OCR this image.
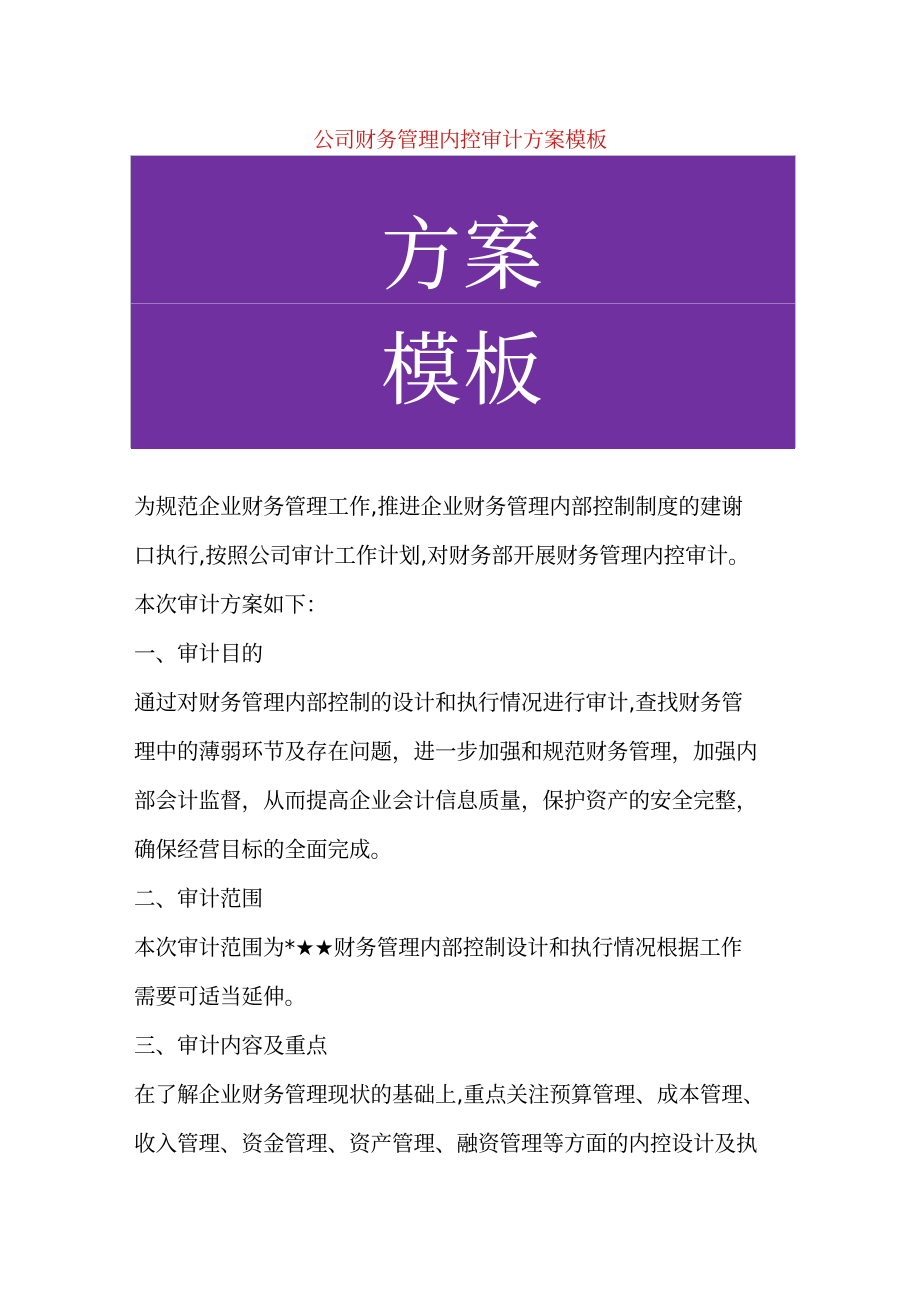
公司财务管理内控审计方案模板
方案
模板
为规范企业财务管理工作,推进企业财务管理内部控制制度的建谢
口执行,按照公司审计工作计划,对财务部开展财务管理内控审计。
本次审计方案如下：
一、审计目的
通过对财务管理内部控制的设计和执行情况进行审计,查找财务管
理中的薄弱环节及存在问题，进一步加强和规范财务管理，加强内
部会计监督，从而提高企业会计信息质量，保护资产的安全完整，
确保经营目标的全面完成。
二、审计范围
本次审计范围为*★★财务管理内部控制设计和执行情况根据工作
需要可适当延伸。
三、审计内容及重点
在了解企业财务管理现状的基础上,重点关注预算管理、成本管理、
收入管理、资金管理、资产管理、融资管理等方面的内控设计及执
